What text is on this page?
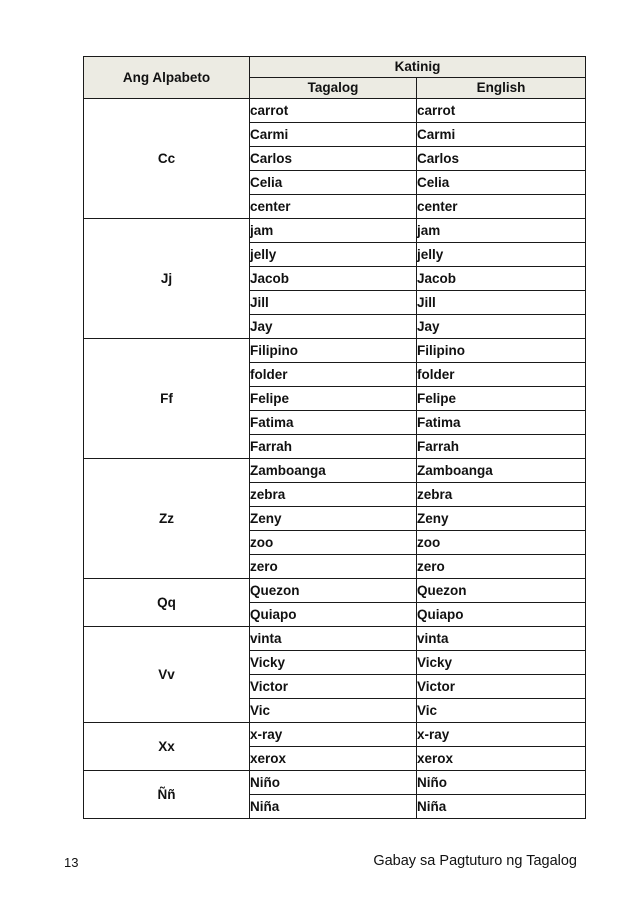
Ang Alpabeto	Katinig	
	Tagalog	English
Cc	carrot	carrot
	Carmi	Carmi
	Carlos	Carlos
	Celia	Celia
	center	center
Jj	jam	jam
	jelly	jelly
	Jacob	Jacob
	Jill	Jill
	Jay	Jay
Ff	Filipino	Filipino
	folder	folder
	Felipe	Felipe
	Fatima	Fatima
	Farrah	Farrah
Zz	Zamboanga	Zamboanga
	zebra	zebra
	Zeny	Zeny
	zoo	zoo
	zero	zero
Qq	Quezon	Quezon
	Quiapo	Quiapo
Vv	vinta	vinta
	Vicky	Vicky
	Victor	Victor
	Vic	Vic
Xx	x-ray	x-ray
	xerox	xerox
Ññ	Niño	Niño
	Niña	Niña
13	Gabay sa Pagtuturo ng Tagalog
